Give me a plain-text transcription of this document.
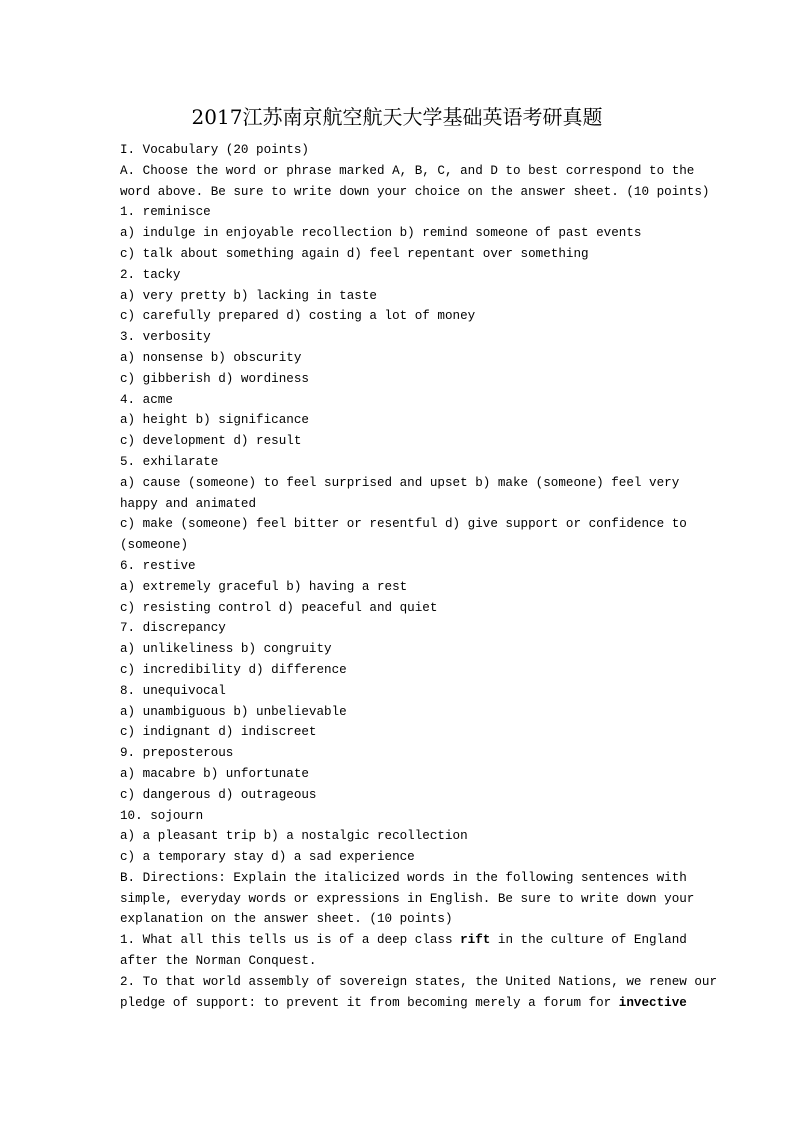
2017江苏南京航空航天大学基础英语考研真题
I. Vocabulary (20 points)
A. Choose the word or phrase marked A, B, C, and D to best correspond to the
word above. Be sure to write down your choice on the answer sheet. (10 points)
1. reminisce
a) indulge in enjoyable recollection b) remind someone of past events
c) talk about something again d) feel repentant over something
2. tacky
a) very pretty b) lacking in taste
c) carefully prepared d) costing a lot of money
3. verbosity
a) nonsense b) obscurity
c) gibberish d) wordiness
4. acme
a) height b) significance
c) development d) result
5. exhilarate
a) cause (someone) to feel surprised and upset b) make (someone) feel very
happy and animated
c) make (someone) feel bitter or resentful d) give support or confidence to
(someone)
6. restive
a) extremely graceful b) having a rest
c) resisting control d) peaceful and quiet
7. discrepancy
a) unlikeliness b) congruity
c) incredibility d) difference
8. unequivocal
a) unambiguous b) unbelievable
c) indignant d) indiscreet
9. preposterous
a) macabre b) unfortunate
c) dangerous d) outrageous
10. sojourn
a) a pleasant trip b) a nostalgic recollection
c) a temporary stay d) a sad experience
B. Directions: Explain the italicized words in the following sentences with
simple, everyday words or expressions in English. Be sure to write down your
explanation on the answer sheet. (10 points)
1. What all this tells us is of a deep class rift in the culture of England
after the Norman Conquest.
2. To that world assembly of sovereign states, the United Nations, we renew our
pledge of support: to prevent it from becoming merely a forum for invective
